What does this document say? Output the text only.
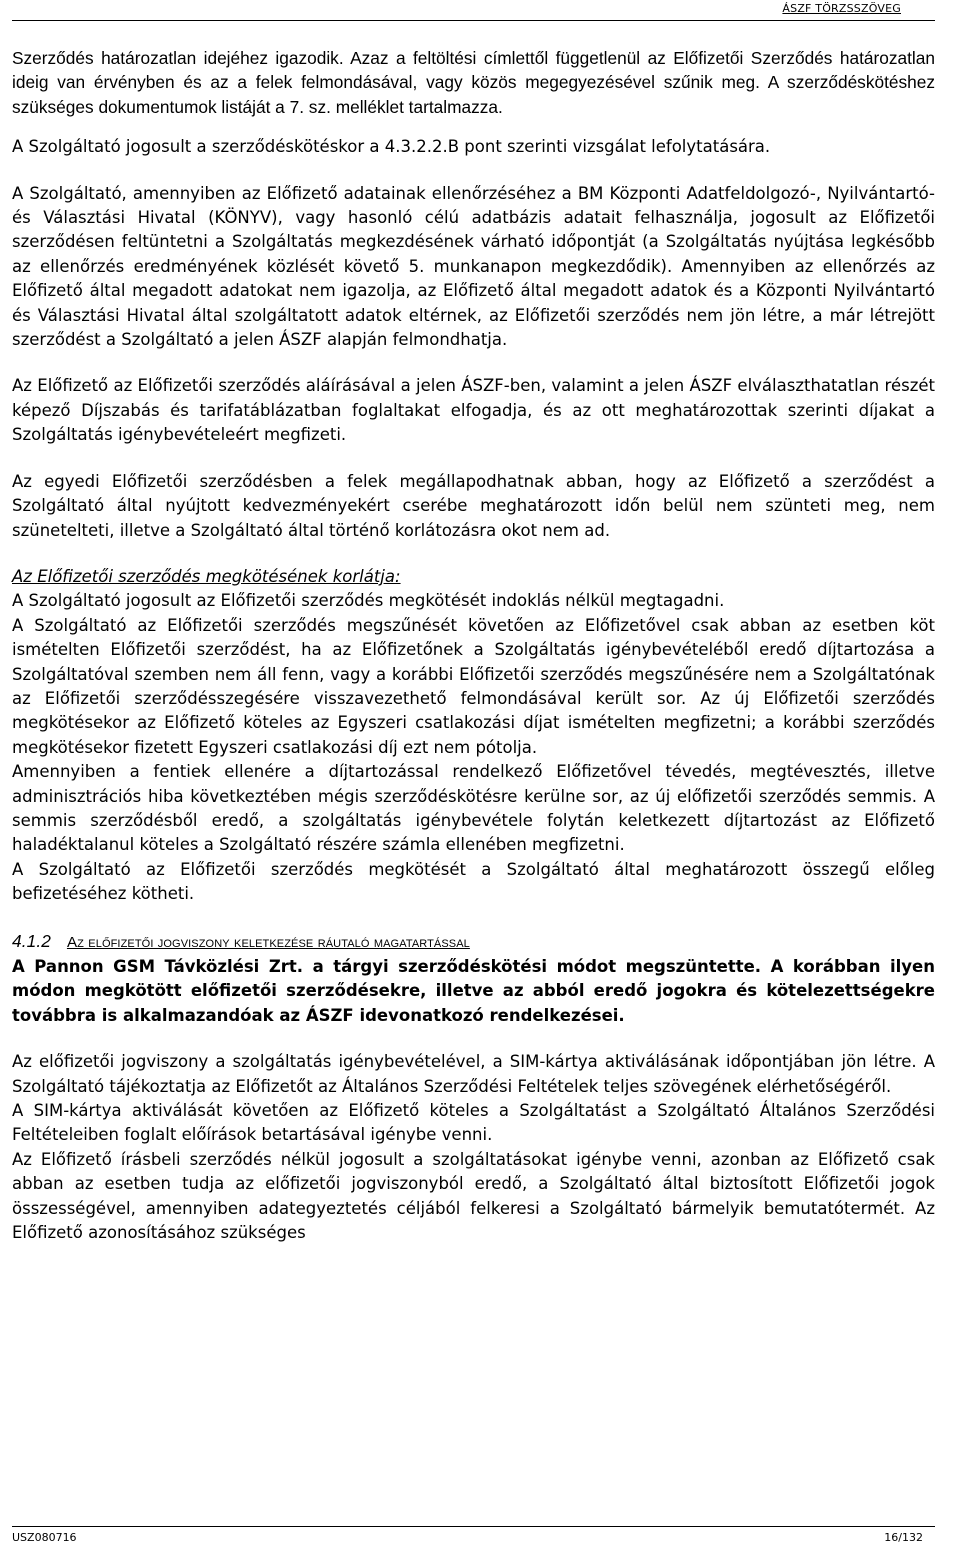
ÁSZF TÖRZSSZÖVEG

Szerződés határozatlan idejéhez igazodik. Azaz a feltöltési címlettől függetlenül az Előfizetői Szerződés határozatlan ideig van érvényben és az a felek felmondásával, vagy közös megegyezésével szűnik meg. A szerződéskötéshez szükséges dokumentumok listáját a 7. sz. melléklet tartalmazza.

A Szolgáltató jogosult a szerződéskötéskor a 4.3.2.2.B pont szerinti vizsgálat lefolytatására.

A Szolgáltató, amennyiben az Előfizető adatainak ellenőrzéséhez a BM Központi Adatfeldolgozó-, Nyilvántartó- és Választási Hivatal (KÖNYV), vagy hasonló célú adatbázis adatait felhasználja, jogosult az Előfizetői szerződésen feltüntetni a Szolgáltatás megkezdésének várható időpontját (a Szolgáltatás nyújtása legkésőbb az ellenőrzés eredményének közlését követő 5. munkanapon megkezdődik). Amennyiben az ellenőrzés az Előfizető által megadott adatokat nem igazolja, az Előfizető által megadott adatok és a Központi Nyilvántartó és Választási Hivatal által szolgáltatott adatok eltérnek, az Előfizetői szerződés nem jön létre, a már létrejött szerződést a Szolgáltató a jelen ÁSZF alapján felmondhatja.

Az Előfizető az Előfizetői szerződés aláírásával a jelen ÁSZF-ben, valamint a jelen ÁSZF elválaszthatatlan részét képező Díjszabás és tarifatáblázatban foglaltakat elfogadja, és az ott meghatározottak szerinti díjakat a Szolgáltatás igénybevételeért megfizeti.

Az egyedi Előfizetői szerződésben a felek megállapodhatnak abban, hogy az Előfizető a szerződést a Szolgáltató által nyújtott kedvezményekért cserébe meghatározott időn belül nem szünteti meg, nem szünetelteti, illetve a Szolgáltató által történő korlátozásra okot nem ad.

Az Előfizetői szerződés megkötésének korlátja:

A Szolgáltató jogosult az Előfizetői szerződés megkötését indoklás nélkül megtagadni.

A Szolgáltató az Előfizetői szerződés megszűnését követően az Előfizetővel csak abban az esetben köt ismételten Előfizetői szerződést, ha az Előfizetőnek a Szolgáltatás igénybevételéből eredő díjtartozása a Szolgáltatóval szemben nem áll fenn, vagy a korábbi Előfizetői szerződés megszűnésére nem a Szolgáltatónak az Előfizetői szerződésszegésére visszavezethető felmondásával került sor. Az új Előfizetői szerződés megkötésekor az Előfizető köteles az Egyszeri csatlakozási díjat ismételten megfizetni; a korábbi szerződés megkötésekor fizetett Egyszeri csatlakozási díj ezt nem pótolja.

Amennyiben a fentiek ellenére a díjtartozással rendelkező Előfizetővel tévedés, megtévesztés, illetve adminisztrációs hiba következtében mégis szerződéskötésre kerülne sor, az új előfizetői szerződés semmis. A semmis szerződésből eredő, a szolgáltatás igénybevétele folytán keletkezett díjtartozást az Előfizető haladéktalanul köteles a Szolgáltató részére számla ellenében megfizetni.

A Szolgáltató az Előfizetői szerződés megkötését a Szolgáltató által meghatározott összegű előleg befizetéséhez kötheti.

4.1.2 Az előfizetői jogviszony keletkezése ráutaló magatartással

A Pannon GSM Távközlési Zrt. a tárgyi szerződéskötési módot megszüntette. A korábban ilyen módon megkötött előfizetői szerződésekre, illetve az abból eredő jogokra és kötelezettségekre továbbra is alkalmazandóak az ÁSZF idevonatkozó rendelkezései.

Az előfizetői jogviszony a szolgáltatás igénybevételével, a SIM-kártya aktiválásának időpontjában jön létre. A Szolgáltató tájékoztatja az Előfizetőt az Általános Szerződési Feltételek teljes szövegének elérhetőségéről.

A SIM-kártya aktiválását követően az Előfizető köteles a Szolgáltatást a Szolgáltató Általános Szerződési Feltételeiben foglalt előírások betartásával igénybe venni.

Az Előfizető írásbeli szerződés nélkül jogosult a szolgáltatásokat igénybe venni, azonban az Előfizető csak abban az esetben tudja az előfizetői jogviszonyból eredő, a Szolgáltató által biztosított Előfizetői jogok összességével, amennyiben adategyeztetés céljából felkeresi a Szolgáltató bármelyik bemutatótermét. Az Előfizető azonosításához szükséges

USZ080716	16/132
